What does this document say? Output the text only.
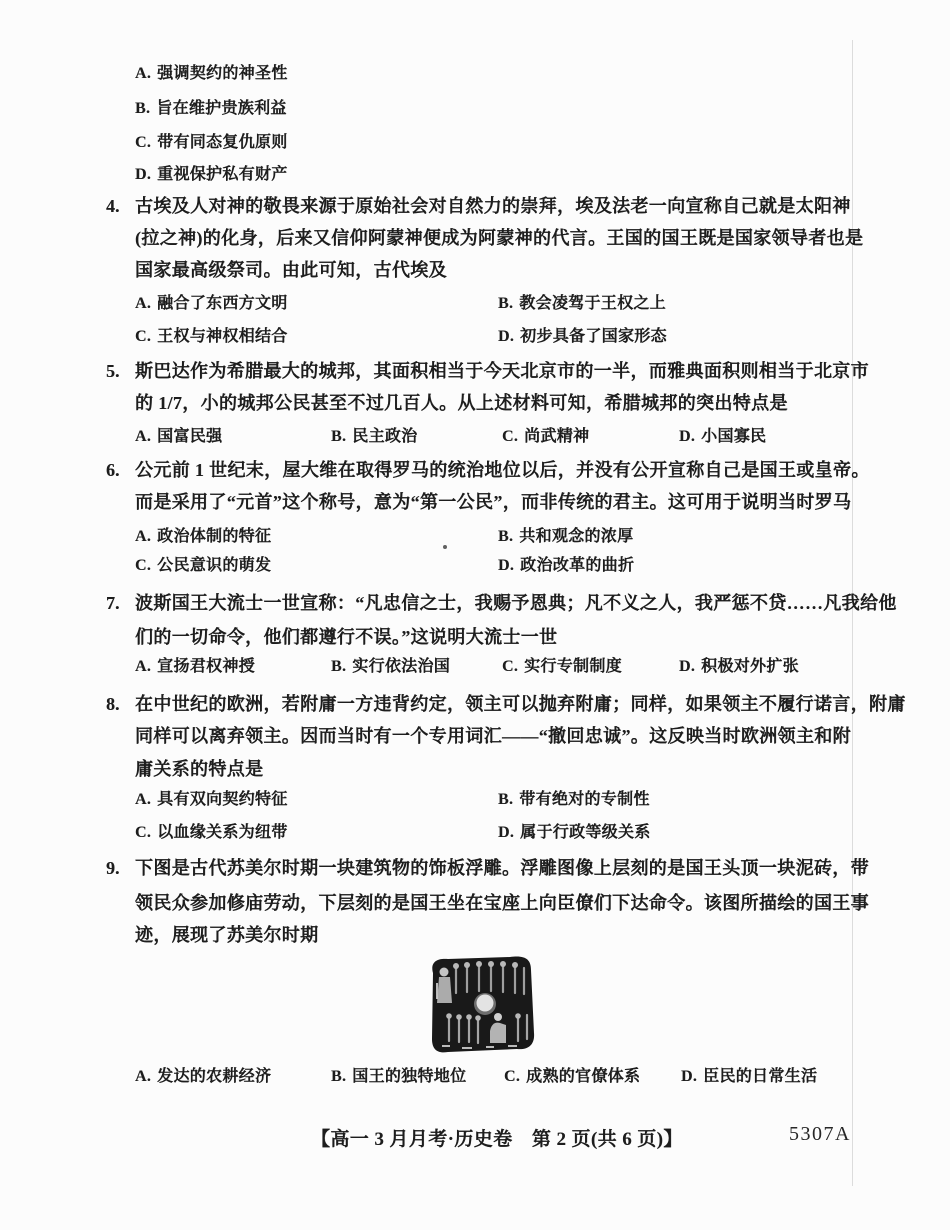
【高一 3 月月考·历史卷　第 2 页(共 6 页)】	5307A
A. 强调契约的神圣性
B. 旨在维护贵族利益
C. 带有同态复仇原则
D. 重视保护私有财产
4. 古埃及人对神的敬畏来源于原始社会对自然力的崇拜，埃及法老一向宣称自己就是太阳神
(拉之神)的化身，后来又信仰阿蒙神便成为阿蒙神的代言。王国的国王既是国家领导者也是
国家最高级祭司。由此可知，古代埃及
A. 融合了东西方文明	B. 教会凌驾于王权之上
C. 王权与神权相结合	D. 初步具备了国家形态
5. 斯巴达作为希腊最大的城邦，其面积相当于今天北京市的一半，而雅典面积则相当于北京市
的 1/7，小的城邦公民甚至不过几百人。从上述材料可知，希腊城邦的突出特点是
A. 国富民强	B. 民主政治	C. 尚武精神	D. 小国寡民
6. 公元前 1 世纪末，屋大维在取得罗马的统治地位以后，并没有公开宣称自己是国王或皇帝。
而是采用了“元首”这个称号，意为“第一公民”，而非传统的君主。这可用于说明当时罗马
A. 政治体制的特征	B. 共和观念的浓厚
C. 公民意识的萌发	D. 政治改革的曲折
7. 波斯国王大流士一世宣称：“凡忠信之士，我赐予恩典；凡不义之人，我严惩不贷……凡我给他
们的一切命令，他们都遵行不误。”这说明大流士一世
A. 宣扬君权神授	B. 实行依法治国	C. 实行专制制度	D. 积极对外扩张
8. 在中世纪的欧洲，若附庸一方违背约定，领主可以抛弃附庸；同样，如果领主不履行诺言，附庸
同样可以离弃领主。因而当时有一个专用词汇——“撤回忠诚”。这反映当时欧洲领主和附
庸关系的特点是
A. 具有双向契约特征	B. 带有绝对的专制性
C. 以血缘关系为纽带	D. 属于行政等级关系
9. 下图是古代苏美尔时期一块建筑物的饰板浮雕。浮雕图像上层刻的是国王头顶一块泥砖，带
领民众参加修庙劳动，下层刻的是国王坐在宝座上向臣僚们下达命令。该图所描绘的国王事
迹，展现了苏美尔时期
A. 发达的农耕经济	B. 国王的独特地位 C. 成熟的官僚体系	D. 臣民的日常生活
